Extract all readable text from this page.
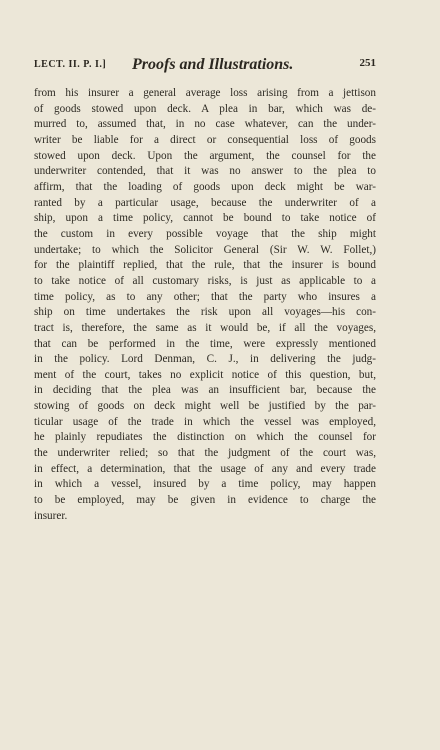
LECT. II. P. I.] Proofs and Illustrations.	251
from his insurer a general average loss arising from a jettison
of goods stowed upon deck. A plea in bar, which was de-
murred to, assumed that, in no case whatever, can the under-
writer be liable for a direct or consequential loss of goods
stowed upon deck. Upon the argument, the counsel for the
underwriter contended, that it was no answer to the plea to
affirm, that the loading of goods upon deck might be war-
ranted by a particular usage, because the underwriter of a
ship, upon a time policy, cannot be bound to take notice of
the custom in every possible voyage that the ship might
undertake; to which the Solicitor General (Sir W. W. Follet,)
for the plaintiff replied, that the rule, that the insurer is bound
to take notice of all customary risks, is just as applicable to a
time policy, as to any other; that the party who insures a
ship on time undertakes the risk upon all voyages—his con-
tract is, therefore, the same as it would be, if all the voyages,
that can be performed in the time, were expressly mentioned
in the policy. Lord Denman, C. J., in delivering the judg-
ment of the court, takes no explicit notice of this question, but,
in deciding that the plea was an insufficient bar, because the
stowing of goods on deck might well be justified by the par-
ticular usage of the trade in which the vessel was employed,
he plainly repudiates the distinction on which the counsel for
the underwriter relied; so that the judgment of the court was,
in effect, a determination, that the usage of any and every trade
in which a vessel, insured by a time policy, may happen
to be employed, may be given in evidence to charge the
insurer.
